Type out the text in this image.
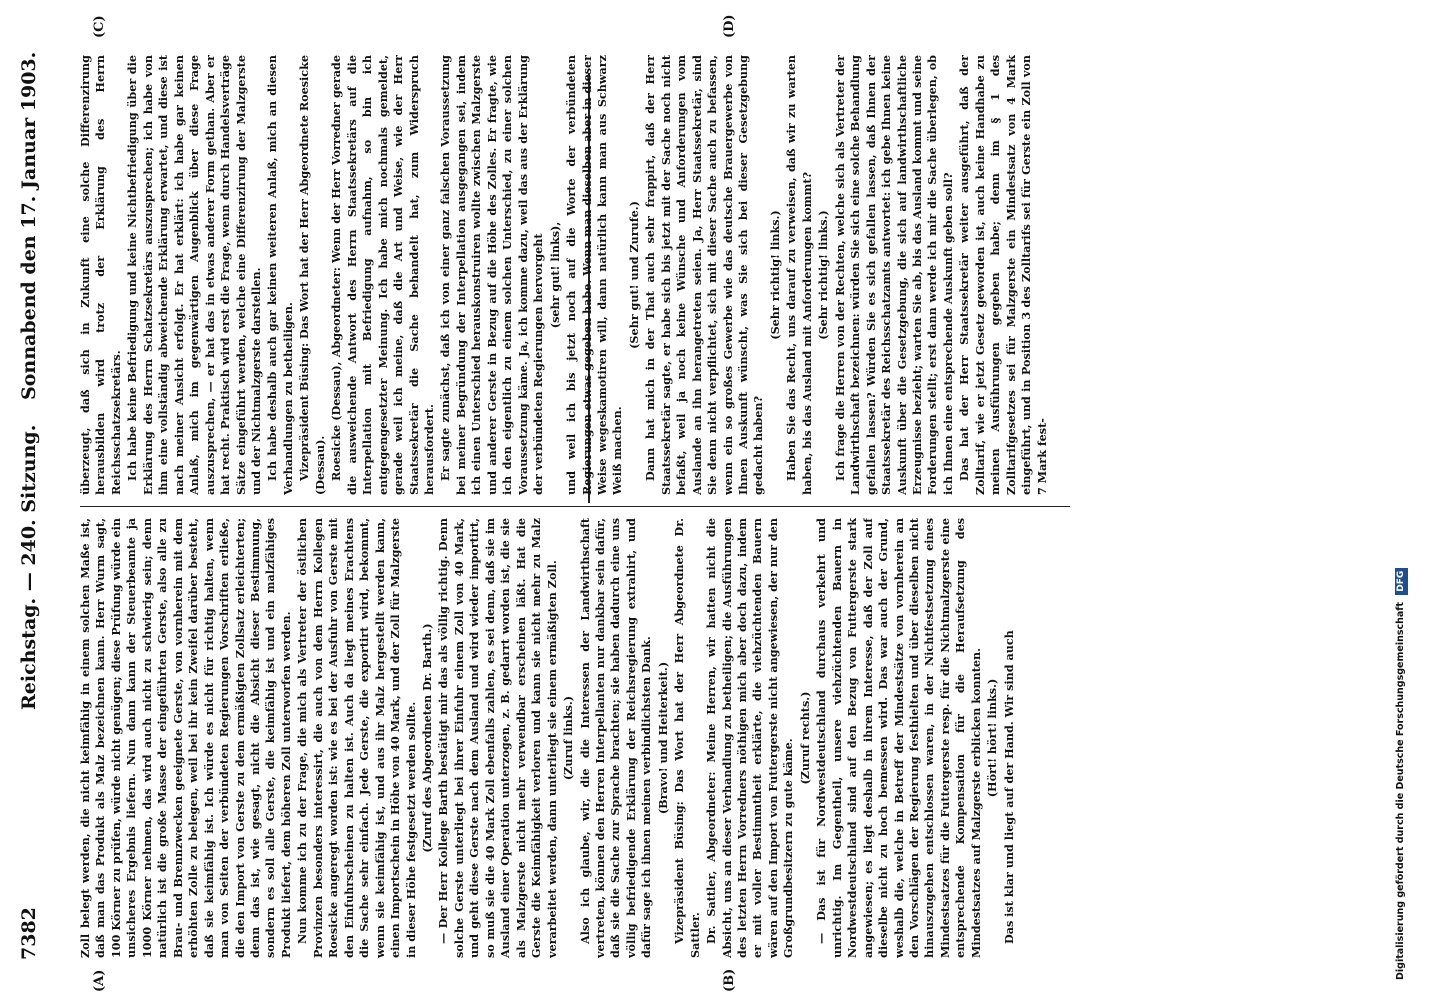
7382
Reichstag. — 240. Sitzung.
Sonnabend den 17. Januar 1903.
(A)	(B)
(C)	(D)

Zoll belegt werden, die nicht keimfähig in einem solchen Maße ist, daß man das Produkt als Malz bezeichnen kann. Herr Wurm sagt, 100 Körner zu prüfen, würde nicht genügen; diese Prüfung würde ein unsicheres Ergebnis liefern. Nun dann kann der Steuerbeamte ja 1000 Körner nehmen, das wird auch nicht zu schwierig sein; denn natürlich ist die große Masse der eingeführten Gerste, also alle zu Brau- und Brennzwecken geeignete Gerste, von vornherein mit dem erhöhten Zolle zu belegen, weil bei ihr kein Zweifel darüber besteht, daß sie keimfähig ist. Ich würde es nicht für richtig halten, wenn man von Seiten der verbündeten Regierungen Vorschriften erließe, die den Import von Gerste zu dem ermäßigten Zollsatz erleichterten; denn das ist, wie gesagt, nicht die Absicht dieser Bestimmung, sondern es soll alle Gerste, die keimfähig ist und ein malzfähiges Produkt liefert, dem höheren Zoll unterworfen werden. Nun komme ich zu der Frage, die mich als Vertreter der östlichen Provinzen besonders interessirt, die auch von dem Herrn Kollegen Roesicke angeregt worden ist: wie es bei der Ausfuhr von Gerste mit den Einfuhrscheinen zu halten ist. Auch da liegt meines Erachtens die Sache sehr einfach. Jede Gerste, die exportirt wird, bekommt, wenn sie keimfähig ist, und aus ihr Malz hergestellt werden kann, einen Importschein in Höhe von 40 Mark, und der Zoll für Malzgerste in dieser Höhe festgesetzt werden sollte. (Zuruf des Abgeordneten Dr. Barth.) — Der Herr Kollege Barth bestätigt mir das als völlig richtig. Denn solche Gerste unterliegt bei ihrer Einfuhr einem Zoll von 40 Mark, und geht diese Gerste nach dem Ausland und wird wieder importirt, so muß sie die 40 Mark Zoll ebenfalls zahlen, es sei denn, daß sie im Ausland einer Operation unterzogen, z. B. gedarrt worden ist, die sie als Malzgerste nicht mehr verwendbar erscheinen läßt. Hat die Gerste die Keimfähigkeit verloren und kann sie nicht mehr zu Malz verarbeitet werden, dann unterliegt sie einem ermäßigten Zoll. (Zuruf links.) Also ich glaube, wir, die die Interessen der Landwirthschaft vertreten, können den Herren Interpellanten nur dankbar sein dafür, daß sie die Sache zur Sprache brachten; sie haben dadurch eine uns völlig befriedigende Erklärung der Reichsregierung extrahirt, und dafür sage ich ihnen meinen verbindlichsten Dank. (Bravo! und Heiterkeit.) Vizepräsident Büsing: Das Wort hat der Herr Abgeordnete Dr. Sattler. Dr. Sattler, Abgeordneter: Meine Herren, wir hatten nicht die Absicht, uns an dieser Verhandlung zu betheiligen; die Ausführungen des letzten Herrn Vorredners nöthigen mich aber doch dazu, indem er mit voller Bestimmtheit erklärte, die viehzüchtenden Bauern wären auf den Import von Futtergerste nicht angewiesen, der nur den Großgrundbesitzern zu gute käme.

(Zuruf rechts.) — Das ist für Nordwestdeutschland durchaus verkehrt und unrichtig. Im Gegentheil, unsere viehzüchtenden Bauern in Nordwestdeutschland sind auf den Bezug von Futtergerste stark angewiesen; es liegt deshalb in ihrem Interesse, daß der Zoll auf dieselbe nicht zu hoch bemessen wird. Das war auch der Grund, weshalb die, welche in Betreff der Mindestsätze von vornherein an den Vorschlägen der Regierung festhielten und über dieselben nicht hinauszugehen entschlossen waren, in der Nichtfestsetzung eines Mindestsatzes für die Futtergerste resp. für die Nichtmalzgerste eine entsprechende Kompensation für die Heraufsetzung des Mindestsatzes auf Malzgerste erblicken konnten. (Hört! hört! links.) Das ist klar und liegt auf der Hand. Wir sind auch

überzeugt, daß sich in Zukunft eine solche Differenzirung herausbilden wird trotz der Erklärung des Herrn Reichsschatzsekretärs. Ich habe keine Befriedigung und keine Nichtbefriedigung über die Erklärung des Herrn Schatzsekretärs auszusprechen; ich habe von ihm eine vollständig abweichende Erklärung erwartet, und diese ist nach meiner Ansicht erfolgt. Er hat erklärt: ich habe gar keinen Anlaß, mich im gegenwärtigen Augenblick über diese Frage auszusprechen, — er hat das in etwas anderer Form gethan. Aber er hat recht. Praktisch wird erst die Frage, wenn durch Handelsverträge Sätze eingeführt werden, welche eine Differenzirung der Malzgerste und der Nichtmalzgerste darstellen. Ich habe deshalb auch gar keinen weiteren Anlaß, mich an diesen Verhandlungen zu betheiligen. Vizepräsident Büsing: Das Wort hat der Herr Abgeordnete Roesicke (Dessau). Roesicke (Dessau), Abgeordneter: Wenn der Herr Vorredner gerade die ausweichende Antwort des Herrn Staatssekretärs auf die Interpellation mit Befriedigung aufnahm, so bin ich entgegengesetzter Meinung. Ich habe mich nochmals gemeldet, gerade weil ich meine, daß die Art und Weise, wie der Herr Staatssekretär die Sache behandelt hat, zum Widerspruch herausfordert. Er sagte zunächst, daß ich von einer ganz falschen Voraussetzung bei meiner Begründung der Interpellation ausgegangen sei, indem ich einen Unterschied herauskonstruiren wollte zwischen Malzgerste und anderer Gerste in Bezug auf die Höhe des Zolles. Er fragte, wie ich den eigentlich zu einem solchen Unterschied, zu einer solchen Voraussetzung käme. Ja, ich komme dazu, weil das aus der Erklärung der verbündeten Regierungen hervorgeht (sehr gut! links), und weil ich bis jetzt noch auf die Worte der verbündeten Regierungen etwas gegeben habe. Wenn man dieselben aber in dieser Weise wegeskamotiren will, dann natürlich kann man aus Schwarz Weiß machen.

(Sehr gut! und Zurufe.) Dann hat mich in der That auch sehr frappirt, daß der Herr Staatssekretär sagte, er habe sich bis jetzt mit der Sache noch nicht befaßt, weil ja noch keine Wünsche und Anforderungen vom Auslande an ihn herangetreten seien. Ja, Herr Staatssekretär, sind Sie denn nicht verpflichtet, sich mit dieser Sache auch zu befassen, wenn ein so großes Gewerbe wie das deutsche Brauergewerbe von Ihnen Auskunft wünscht, was Sie sich bei dieser Gesetzgebung gedacht haben?

(Sehr richtig! links.) Haben Sie das Recht, uns darauf zu verweisen, daß wir zu warten haben, bis das Ausland mit Anforderungen kommt? (Sehr richtig! links.) Ich frage die Herren von der Rechten, welche sich als Vertreter der Landwirthschaft bezeichnen: würden Sie sich eine solche Behandlung gefallen lassen? Würden Sie es sich gefallen lassen, daß Ihnen der Staatssekretär des Reichsschatzamts antwortet: ich gebe Ihnen keine Auskunft über die Gesetzgebung, die sich auf landwirthschaftliche Erzeugnisse bezieht; warten Sie ab, bis das Ausland kommt und seine Forderungen stellt; erst dann werde ich mir die Sache überlegen, ob ich Ihnen eine entsprechende Auskunft geben soll? Das hat der Herr Staatssekretär weiter ausgeführt, daß der Zolltarif, wie er jetzt Gesetz geworden ist, auch keine Handhabe zu meinen Ausführungen gegeben habe; denn im § 1 des Zolltarifgesetzes sei für Malzgerste ein Mindestsatz von 4 Mark eingeführt, und in Position 3 des Zolltarifs sei für Gerste ein Zoll von 7 Mark fest-

Digitalisierung gefördert durch die Deutsche Forschungsgemeinschaft DFG
